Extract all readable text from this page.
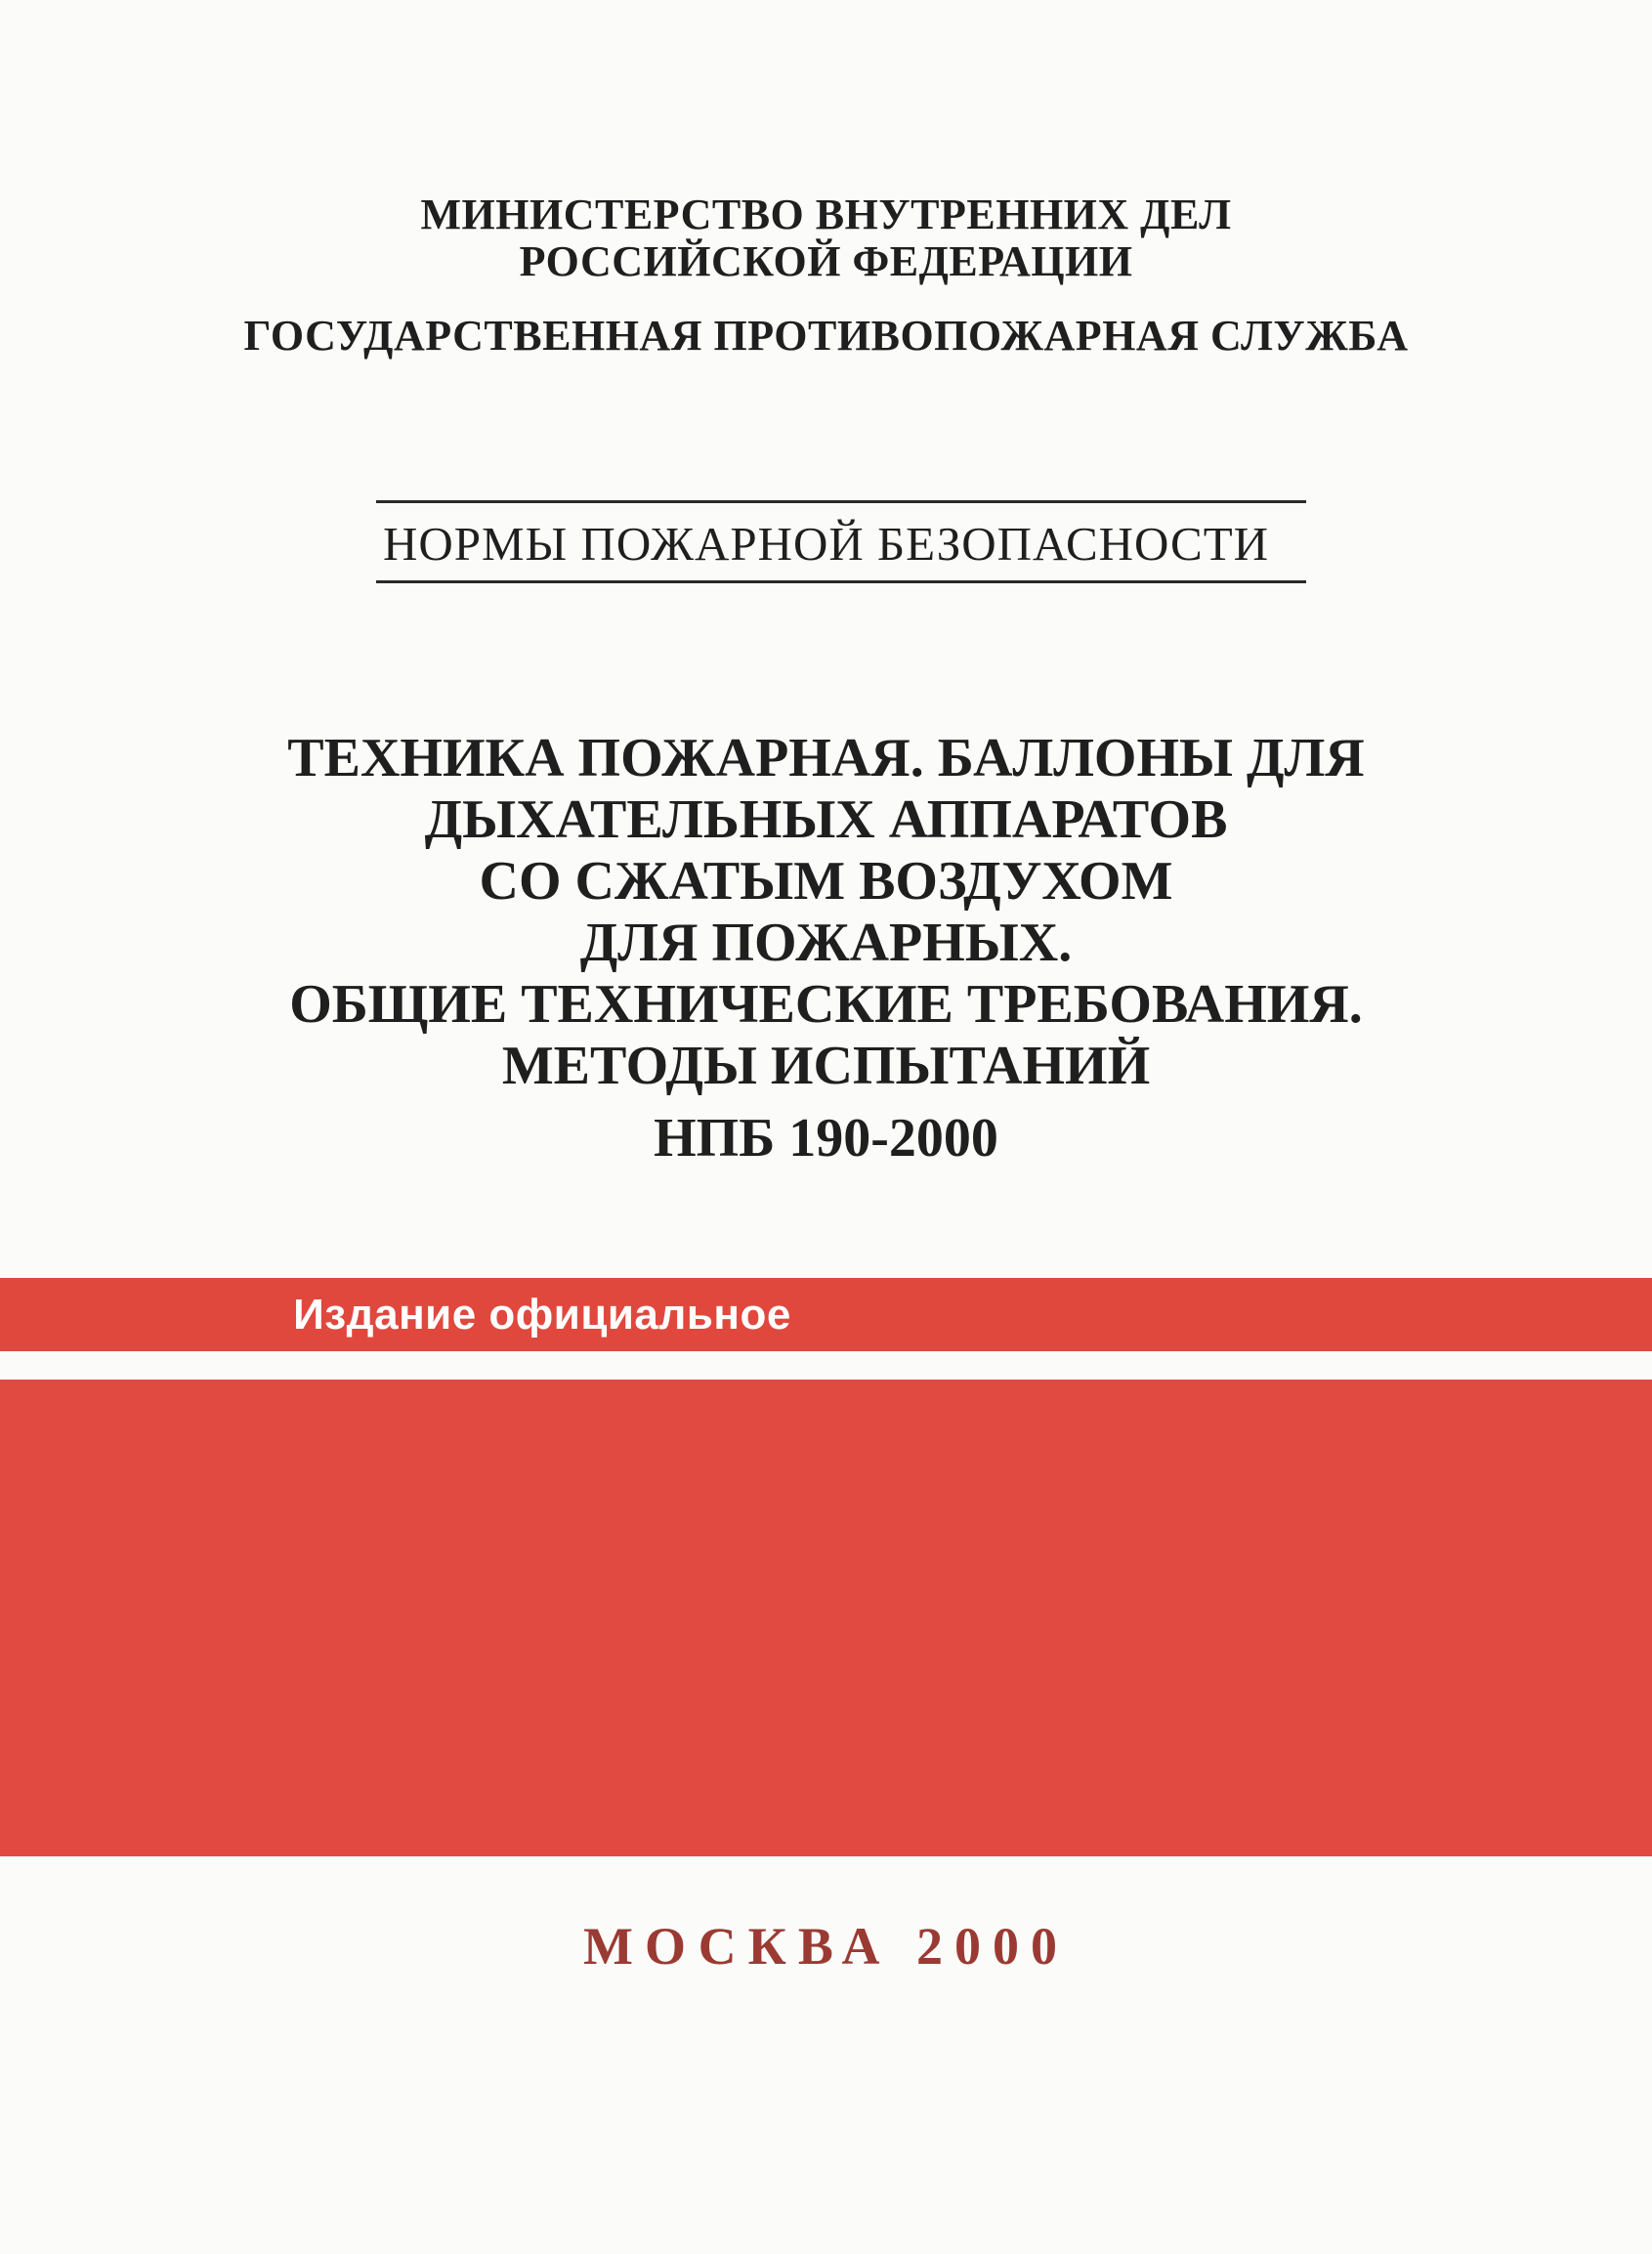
МИНИСТЕРСТВО ВНУТРЕННИХ ДЕЛ
РОССИЙСКОЙ ФЕДЕРАЦИИ
ГОСУДАРСТВЕННАЯ ПРОТИВОПОЖАРНАЯ СЛУЖБА
НОРМЫ ПОЖАРНОЙ БЕЗОПАСНОСТИ
ТЕХНИКА ПОЖАРНАЯ. БАЛЛОНЫ ДЛЯ
ДЫХАТЕЛЬНЫХ АППАРАТОВ
СО СЖАТЫМ ВОЗДУХОМ
ДЛЯ ПОЖАРНЫХ.
ОБЩИЕ ТЕХНИЧЕСКИЕ ТРЕБОВАНИЯ.
МЕТОДЫ ИСПЫТАНИЙ
НПБ 190-2000
Издание официальное
МОСКВА 2000
